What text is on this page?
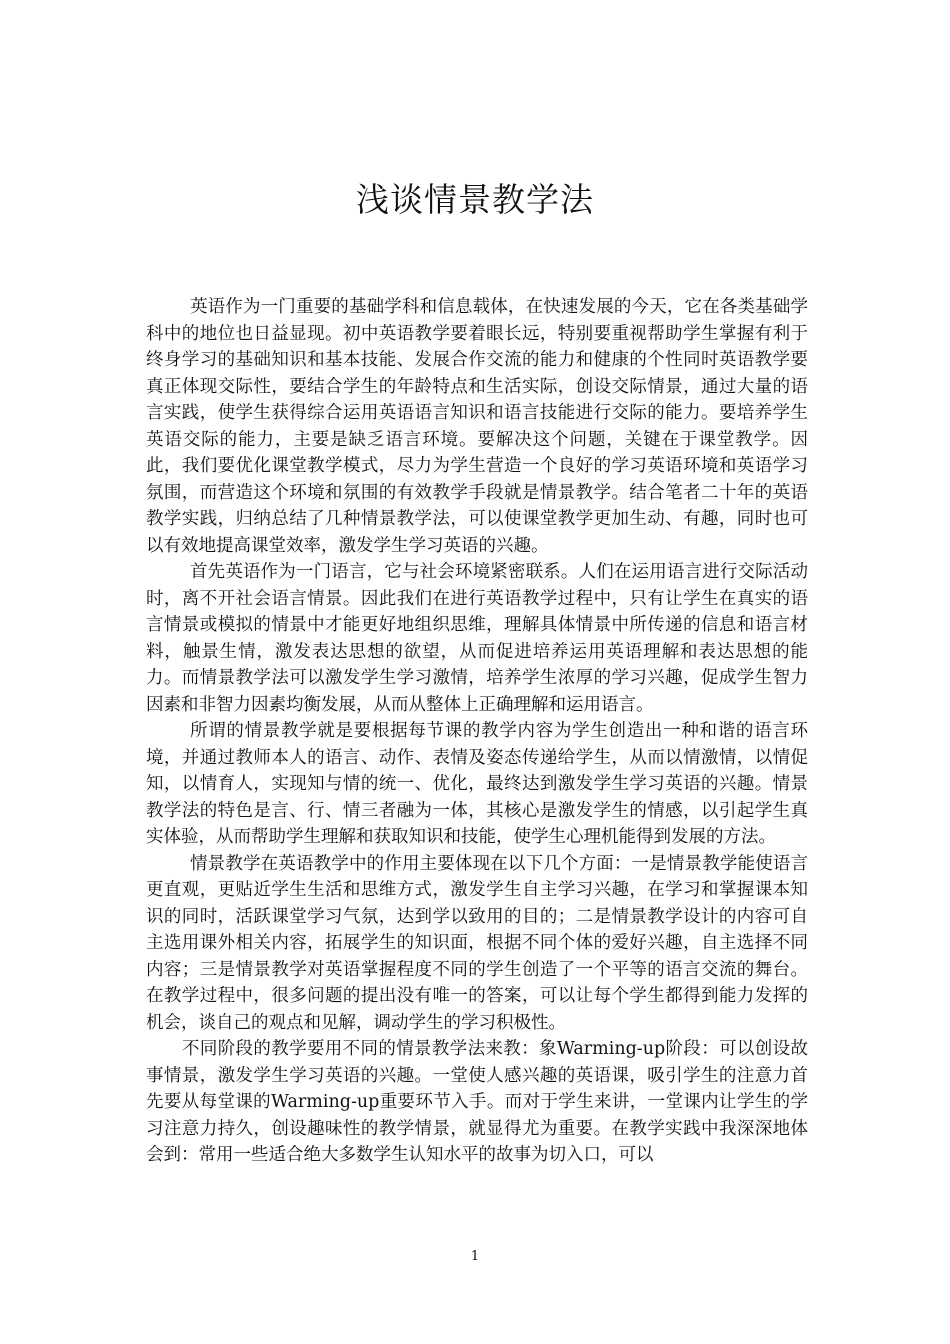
浅谈情景教学法

英语作为一门重要的基础学科和信息载体，在快速发展的今天，它在各类基础学科中的地位也日益显现。初中英语教学要着眼长远，特别要重视帮助学生掌握有利于终身学习的基础知识和基本技能、发展合作交流的能力和健康的个性同时英语教学要真正体现交际性，要结合学生的年龄特点和生活实际，创设交际情景，通过大量的语言实践，使学生获得综合运用英语语言知识和语言技能进行交际的能力。要培养学生英语交际的能力，主要是缺乏语言环境。要解决这个问题，关键在于课堂教学。因此，我们要优化课堂教学模式，尽力为学生营造一个良好的学习英语环境和英语学习氛围，而营造这个环境和氛围的有效教学手段就是情景教学。结合笔者二十年的英语教学实践，归纳总结了几种情景教学法，可以使课堂教学更加生动、有趣，同时也可以有效地提高课堂效率，激发学生学习英语的兴趣。

首先英语作为一门语言，它与社会环境紧密联系。人们在运用语言进行交际活动时，离不开社会语言情景。因此我们在进行英语教学过程中，只有让学生在真实的语言情景或模拟的情景中才能更好地组织思维，理解具体情景中所传递的信息和语言材料，触景生情，激发表达思想的欲望，从而促进培养运用英语理解和表达思想的能力。而情景教学法可以激发学生学习激情，培养学生浓厚的学习兴趣，促成学生智力因素和非智力因素均衡发展，从而从整体上正确理解和运用语言。

所谓的情景教学就是要根据每节课的教学内容为学生创造出一种和谐的语言环境，并通过教师本人的语言、动作、表情及姿态传递给学生，从而以情激情，以情促知，以情育人，实现知与情的统一、优化，最终达到激发学生学习英语的兴趣。情景教学法的特色是言、行、情三者融为一体，其核心是激发学生的情感，以引起学生真实体验，从而帮助学生理解和获取知识和技能，使学生心理机能得到发展的方法。

情景教学在英语教学中的作用主要体现在以下几个方面：一是情景教学能使语言更直观，更贴近学生生活和思维方式，激发学生自主学习兴趣，在学习和掌握课本知识的同时，活跃课堂学习气氛，达到学以致用的目的；二是情景教学设计的内容可自主选用课外相关内容，拓展学生的知识面，根据不同个体的爱好兴趣，自主选择不同内容；三是情景教学对英语掌握程度不同的学生创造了一个平等的语言交流的舞台。在教学过程中，很多问题的提出没有唯一的答案，可以让每个学生都得到能力发挥的机会，谈自己的观点和见解，调动学生的学习积极性。

不同阶段的教学要用不同的情景教学法来教：象Warming-up阶段：可以创设故事情景，激发学生学习英语的兴趣。一堂使人感兴趣的英语课，吸引学生的注意力首先要从每堂课的Warming-up重要环节入手。而对于学生来讲，一堂课内让学生的学习注意力持久，创设趣味性的教学情景，就显得尤为重要。在教学实践中我深深地体会到：常用一些适合绝大多数学生认知水平的故事为切入口，可以

1
